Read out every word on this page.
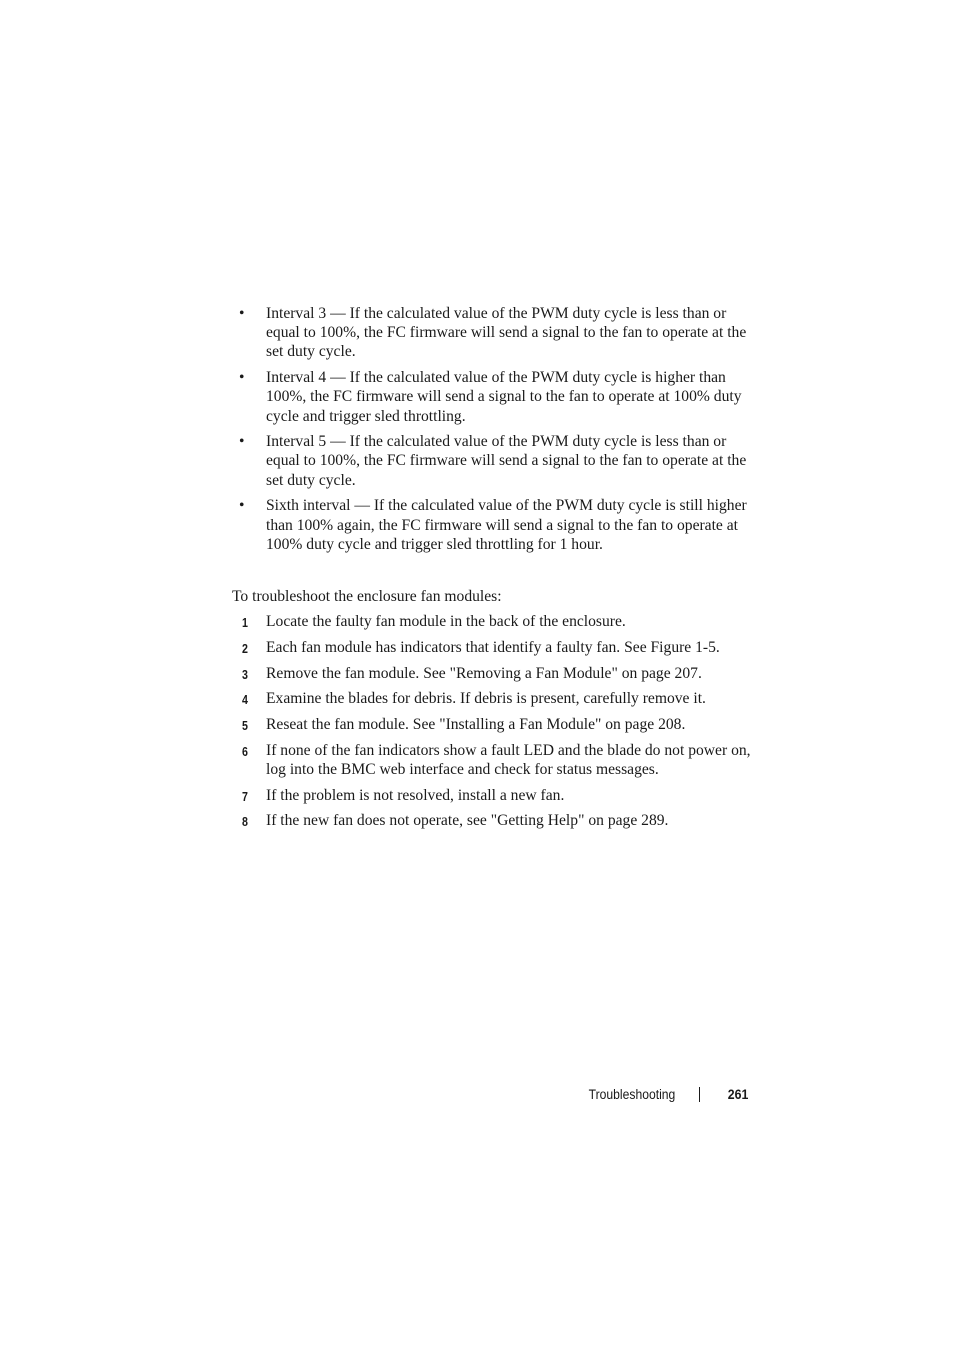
• Interval 3 — If the calculated value of the PWM duty cycle is less than or equal to 100%, the FC firmware will send a signal to the fan to operate at the set duty cycle.
• Interval 4 — If the calculated value of the PWM duty cycle is higher than 100%, the FC firmware will send a signal to the fan to operate at 100% duty cycle and trigger sled throttling.
• Interval 5 — If the calculated value of the PWM duty cycle is less than or equal to 100%, the FC firmware will send a signal to the fan to operate at the set duty cycle.
• Sixth interval — If the calculated value of the PWM duty cycle is still higher than 100% again, the FC firmware will send a signal to the fan to operate at 100% duty cycle and trigger sled throttling for 1 hour.

To troubleshoot the enclosure fan modules:

1 Locate the faulty fan module in the back of the enclosure.
2 Each fan module has indicators that identify a faulty fan. See Figure 1-5.
3 Remove the fan module. See "Removing a Fan Module" on page 207.
4 Examine the blades for debris. If debris is present, carefully remove it.
5 Reseat the fan module. See "Installing a Fan Module" on page 208.
6 If none of the fan indicators show a fault LED and the blade do not power on, log into the BMC web interface and check for status messages.
7 If the problem is not resolved, install a new fan.
8 If the new fan does not operate, see "Getting Help" on page 289.
Troubleshooting	261
